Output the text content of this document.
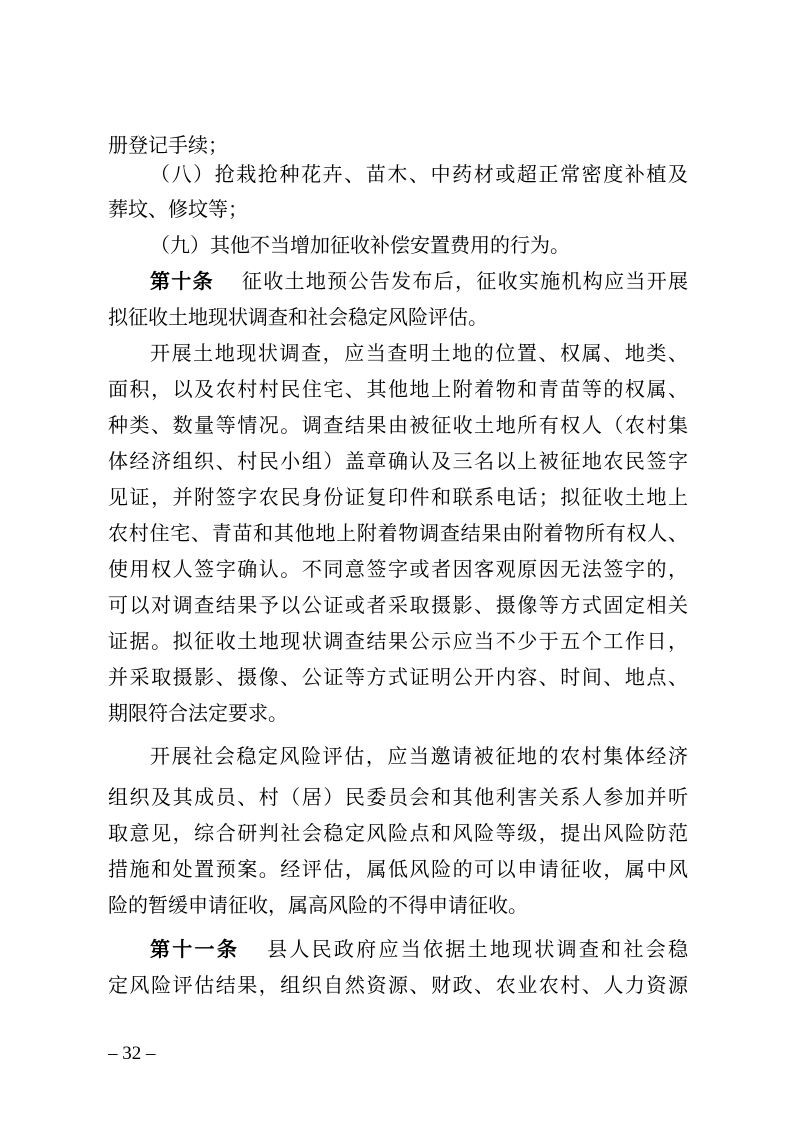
册登记手续；
（八）抢栽抢种花卉、苗木、中药材或超正常密度补植及
葬坟、修坟等；
（九）其他不当增加征收补偿安置费用的行为。
第十条 征收土地预公告发布后，征收实施机构应当开展
拟征收土地现状调查和社会稳定风险评估。
开展土地现状调查，应当查明土地的位置、权属、地类、
面积，以及农村村民住宅、其他地上附着物和青苗等的权属、
种类、数量等情况。调查结果由被征收土地所有权人（农村集
体经济组织、村民小组）盖章确认及三名以上被征地农民签字
见证，并附签字农民身份证复印件和联系电话；拟征收土地上
农村住宅、青苗和其他地上附着物调查结果由附着物所有权人、
使用权人签字确认。不同意签字或者因客观原因无法签字的，
可以对调查结果予以公证或者采取摄影、摄像等方式固定相关
证据。拟征收土地现状调查结果公示应当不少于五个工作日，
并采取摄影、摄像、公证等方式证明公开内容、时间、地点、
期限符合法定要求。
开展社会稳定风险评估，应当邀请被征地的农村集体经济
组织及其成员、村（居）民委员会和其他利害关系人参加并听
取意见，综合研判社会稳定风险点和风险等级，提出风险防范
措施和处置预案。经评估，属低风险的可以申请征收，属中风
险的暂缓申请征收，属高风险的不得申请征收。
第十一条 县人民政府应当依据土地现状调查和社会稳
定风险评估结果，组织自然资源、财政、农业农村、人力资源
– 32 –
